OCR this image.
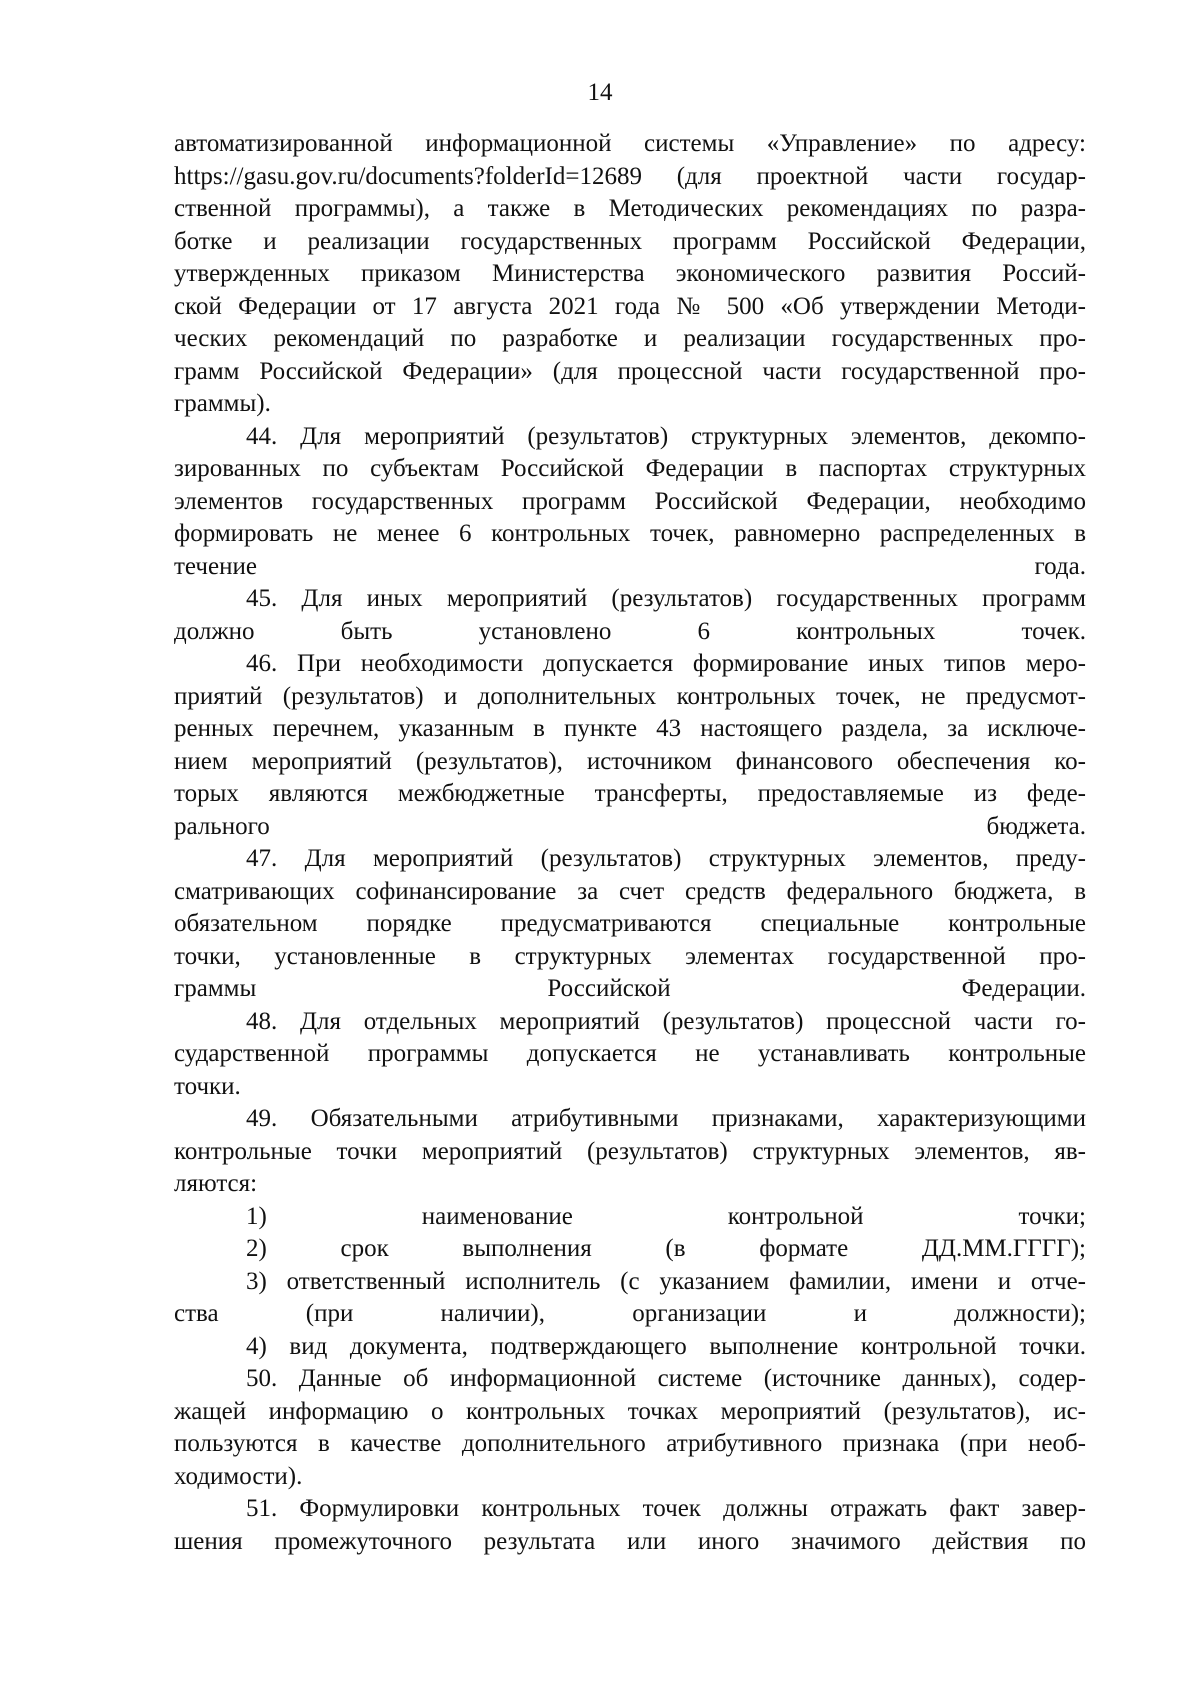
14
автоматизированной информационной системы «Управление» по адресу:
https://gasu.gov.ru/documents?folderId=12689 (для проектной части государ-
ственной программы), а также в Методических рекомендациях по разра-
ботке и реализации государственных программ Российской Федерации,
утвержденных приказом Министерства экономического развития Россий-
ской Федерации от 17 августа 2021 года № 500 «Об утверждении Методи-
ческих рекомендаций по разработке и реализации государственных про-
грамм Российской Федерации» (для процессной части государственной про-
граммы).
44. Для мероприятий (результатов) структурных элементов, декомпо-
зированных по субъектам Российской Федерации в паспортах структурных
элементов государственных программ Российской Федерации, необходимо
формировать не менее 6 контрольных точек, равномерно распределенных в
течение года.
45. Для иных мероприятий (результатов) государственных программ
должно быть установлено 6 контрольных точек.
46. При необходимости допускается формирование иных типов меро-
приятий (результатов) и дополнительных контрольных точек, не предусмот-
ренных перечнем, указанным в пункте 43 настоящего раздела, за исключе-
нием мероприятий (результатов), источником финансового обеспечения ко-
торых являются межбюджетные трансферты, предоставляемые из феде-
рального бюджета.
47. Для мероприятий (результатов) структурных элементов, преду-
сматривающих софинансирование за счет средств федерального бюджета, в
обязательном порядке предусматриваются специальные контрольные
точки, установленные в структурных элементах государственной про-
граммы Российской Федерации.
48. Для отдельных мероприятий (результатов) процессной части го-
сударственной программы допускается не устанавливать контрольные
точки.
49. Обязательными атрибутивными признаками, характеризующими
контрольные точки мероприятий (результатов) структурных элементов, яв-
ляются:
1) наименование контрольной точки;
2) срок выполнения (в формате ДД.ММ.ГГГГ);
3) ответственный исполнитель (с указанием фамилии, имени и отче-
ства (при наличии), организации и должности);
4) вид документа, подтверждающего выполнение контрольной точки.
50. Данные об информационной системе (источнике данных), содер-
жащей информацию о контрольных точках мероприятий (результатов), ис-
пользуются в качестве дополнительного атрибутивного признака (при необ-
ходимости).
51. Формулировки контрольных точек должны отражать факт завер-
шения промежуточного результата или иного значимого действия по
